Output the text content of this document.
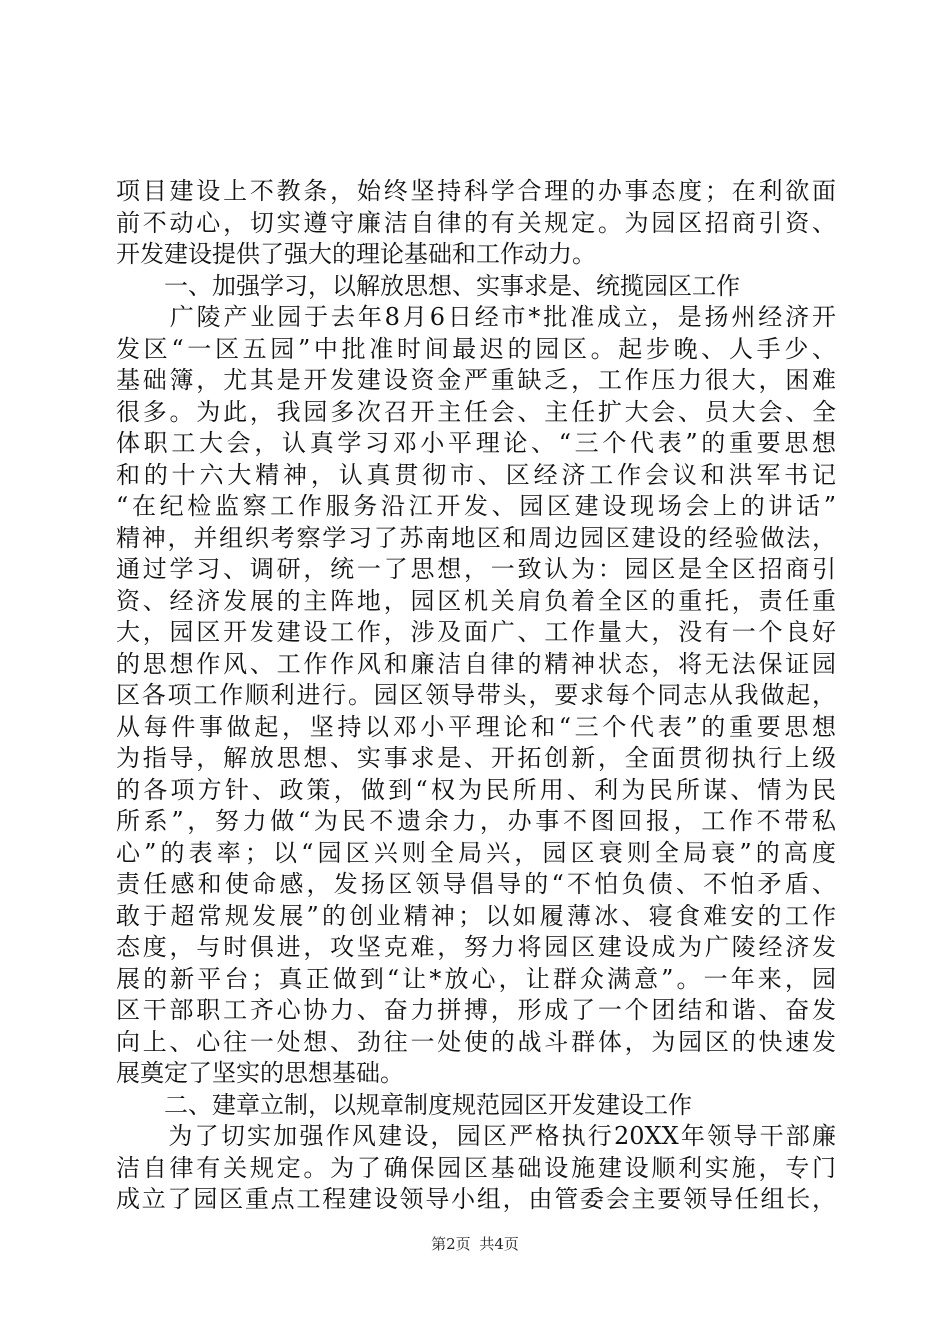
项目建设上不教条，始终坚持科学合理的办事态度；在利欲面
前不动心，切实遵守廉洁自律的有关规定。为园区招商引资、
开发建设提供了强大的理论基础和工作动力。
　　一、加强学习，以解放思想、实事求是、统揽园区工作
　　广陵产业园于去年8月6日经市*批准成立，是扬州经济开
发区“一区五园”中批准时间最迟的园区。起步晚、人手少、
基础簿，尤其是开发建设资金严重缺乏，工作压力很大，困难
很多。为此，我园多次召开主任会、主任扩大会、员大会、全
体职工大会，认真学习邓小平理论、“三个代表”的重要思想
和的十六大精神，认真贯彻市、区经济工作会议和洪军书记
“在纪检监察工作服务沿江开发、园区建设现场会上的讲话”
精神，并组织考察学习了苏南地区和周边园区建设的经验做法，
通过学习、调研，统一了思想，一致认为：园区是全区招商引
资、经济发展的主阵地，园区机关肩负着全区的重托，责任重
大，园区开发建设工作，涉及面广、工作量大，没有一个良好
的思想作风、工作作风和廉洁自律的精神状态，将无法保证园
区各项工作顺利进行。园区领导带头，要求每个同志从我做起，
从每件事做起，坚持以邓小平理论和“三个代表”的重要思想
为指导，解放思想、实事求是、开拓创新，全面贯彻执行上级
的各项方针、政策，做到“权为民所用、利为民所谋、情为民
所系”，努力做“为民不遗余力，办事不图回报，工作不带私
心”的表率；以“园区兴则全局兴，园区衰则全局衰”的高度
责任感和使命感，发扬区领导倡导的“不怕负债、不怕矛盾、
敢于超常规发展”的创业精神；以如履薄冰、寝食难安的工作
态度，与时俱进，攻坚克难，努力将园区建设成为广陵经济发
展的新平台；真正做到“让*放心，让群众满意”。一年来，园
区干部职工齐心协力、奋力拼搏，形成了一个团结和谐、奋发
向上、心往一处想、劲往一处使的战斗群体，为园区的快速发
展奠定了坚实的思想基础。
　　二、建章立制，以规章制度规范园区开发建设工作
　　为了切实加强作风建设，园区严格执行20XX年领导干部廉
洁自律有关规定。为了确保园区基础设施建设顺利实施，专门
成立了园区重点工程建设领导小组，由管委会主要领导任组长，
第2页 共4页
